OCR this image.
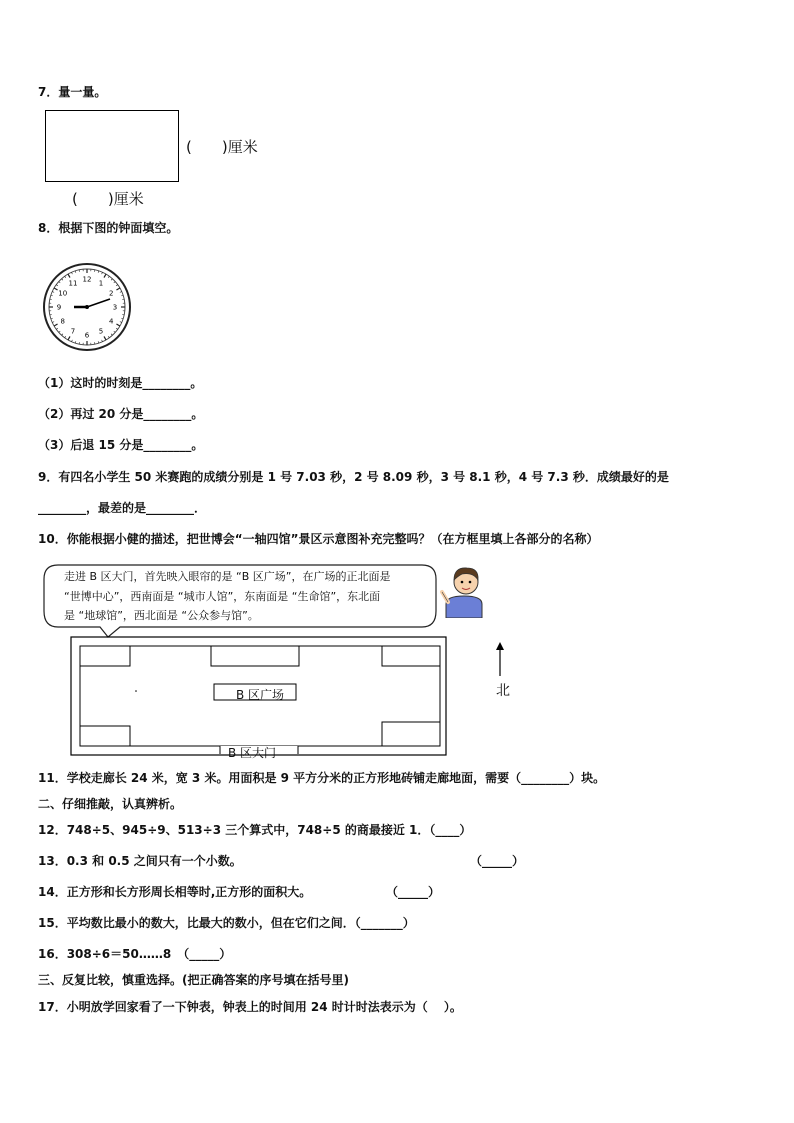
7．量一量。
(　　)厘米
(　　)厘米
8．根据下图的钟面填空。
12 1
2
3
4
5
6
7
8
9
10
11
（1）这时的时刻是________。
（2）再过 20 分是________。
（3）后退 15 分是________。
9．有四名小学生 50 米赛跑的成绩分别是 1 号 7.03 秒，2 号 8.09 秒，3 号 8.1 秒，4 号 7.3 秒．成绩最好的是
________，最差的是________．
10．你能根据小健的描述，把世博会“一轴四馆”景区示意图补充完整吗？（在方框里填上各部分的名称）
走进 B 区大门，首先映入眼帘的是 “B 区广场”，在广场的正北面是
“世博中心”，西南面是 “城市人馆”，东南面是 “生命馆”，东北面
是 “地球馆”，西北面是 “公众参与馆”。
B 区广场
B 区大门
北
11．学校走廊长 24 米，宽 3 米。用面积是 9 平方分米的正方形地砖铺走廊地面，需要（________）块。
二、仔细推敲，认真辨析。
12．748÷5、945÷9、513÷3 三个算式中，748÷5 的商最接近 1．（____）
13．0.3 和 0.5 之间只有一个小数。	（_____）
14．正方形和长方形周长相等时,正方形的面积大。	（_____）
15．平均数比最小的数大，比最大的数小，但在它们之间．（_______）
16．308÷6＝50……8　（_____）
三、反复比较，慎重选择。(把正确答案的序号填在括号里)
17．小明放学回家看了一下钟表，钟表上的时间用 24 时计时法表示为（　 ）。
